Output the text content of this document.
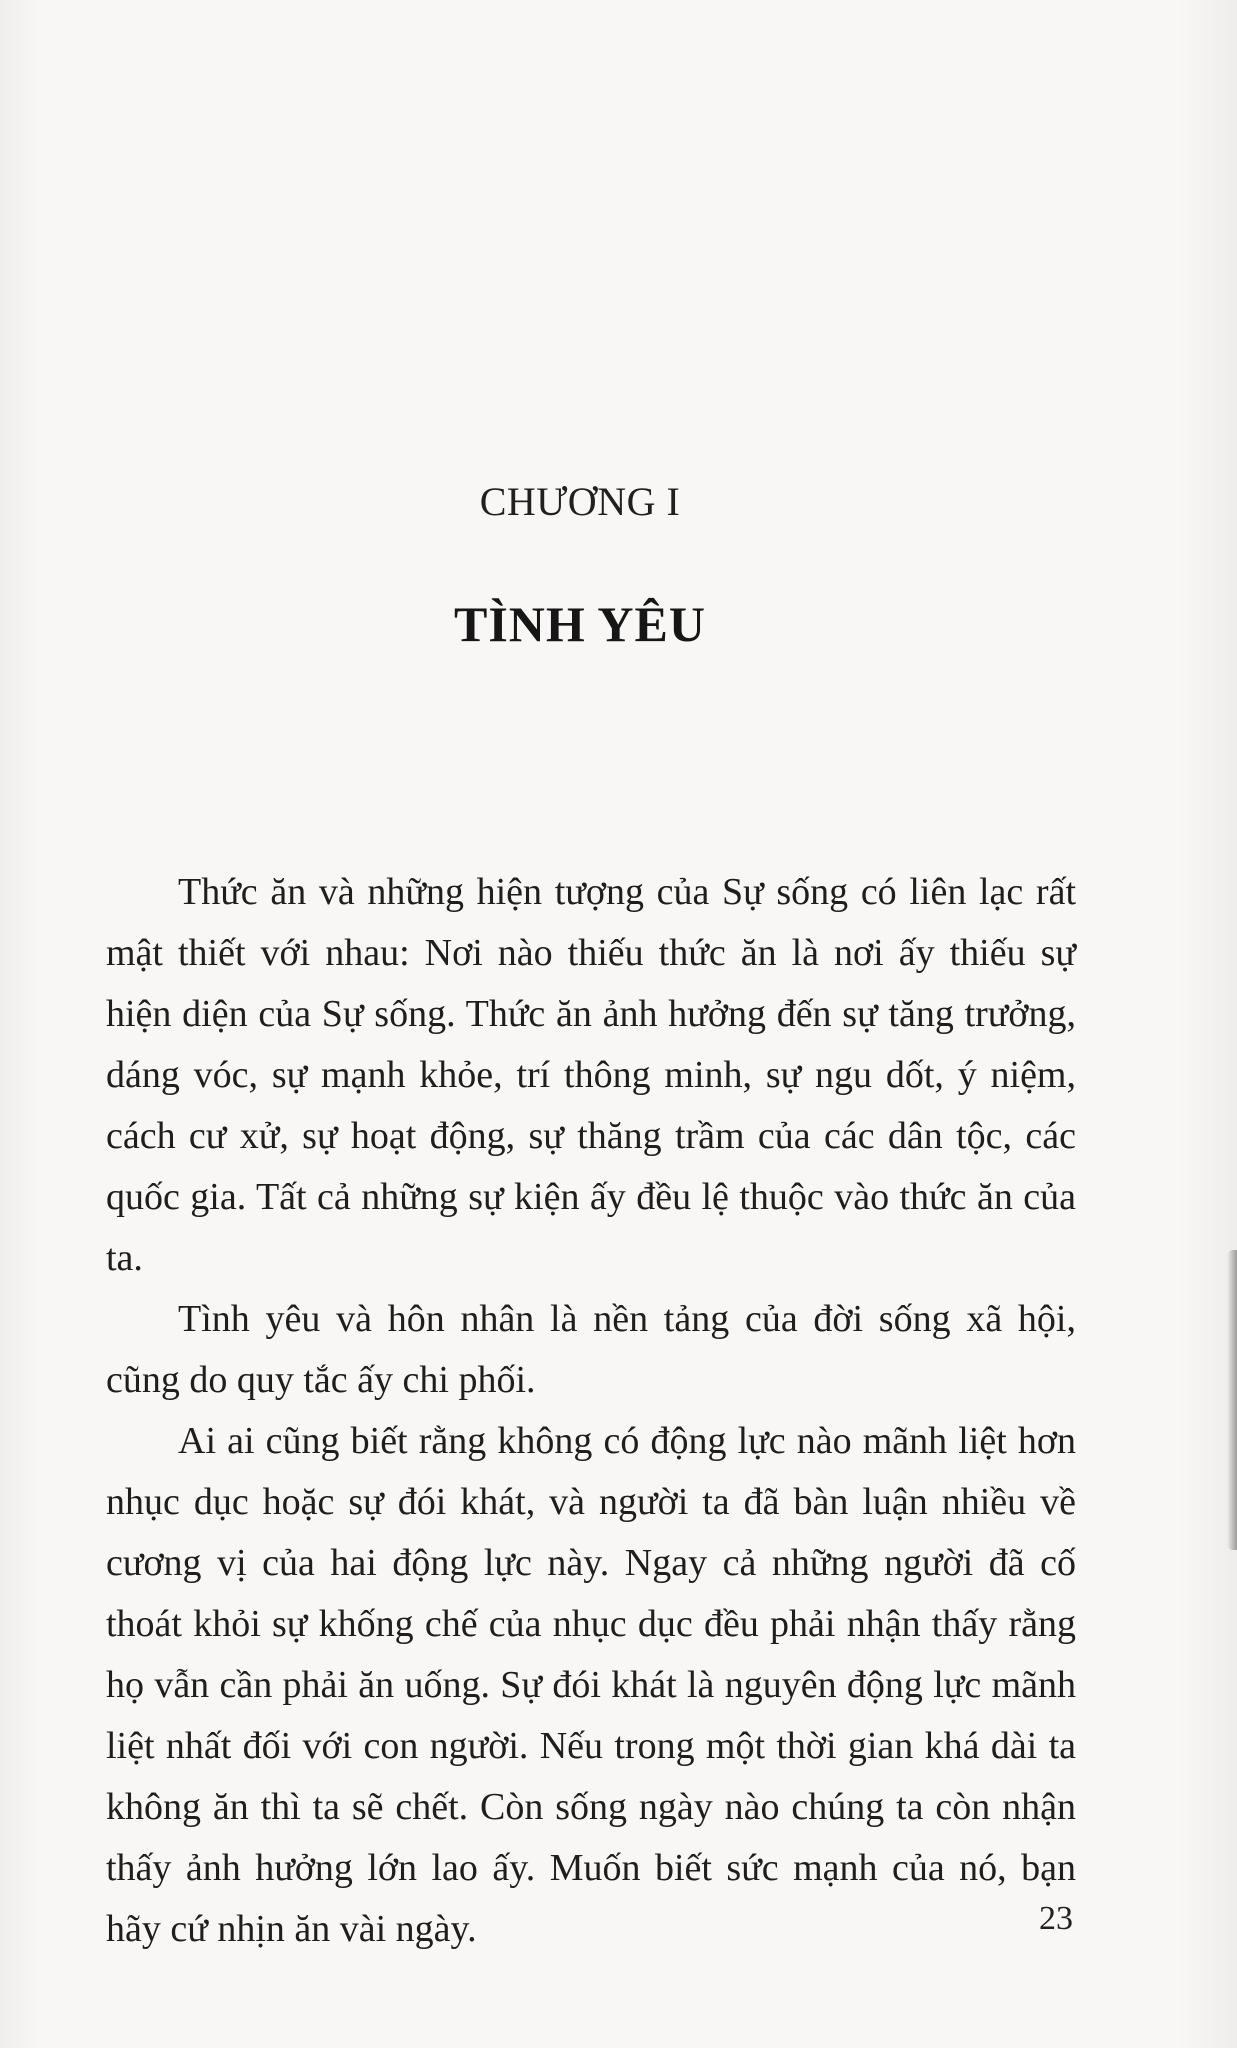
CHƯƠNG I
TÌNH YÊU

Thức ăn và những hiện tượng của Sự sống có liên lạc rất mật thiết với nhau: Nơi nào thiếu thức ăn là nơi ấy thiếu sự hiện diện của Sự sống. Thức ăn ảnh hưởng đến sự tăng trưởng, dáng vóc, sự mạnh khỏe, trí thông minh, sự ngu dốt, ý niệm, cách cư xử, sự hoạt động, sự thăng trầm của các dân tộc, các quốc gia. Tất cả những sự kiện ấy đều lệ thuộc vào thức ăn của ta.

Tình yêu và hôn nhân là nền tảng của đời sống xã hội, cũng do quy tắc ấy chi phối.

Ai ai cũng biết rằng không có động lực nào mãnh liệt hơn nhục dục hoặc sự đói khát, và người ta đã bàn luận nhiều về cương vị của hai động lực này. Ngay cả những người đã cố thoát khỏi sự khống chế của nhục dục đều phải nhận thấy rằng họ vẫn cần phải ăn uống. Sự đói khát là nguyên động lực mãnh liệt nhất đối với con người. Nếu trong một thời gian khá dài ta không ăn thì ta sẽ chết. Còn sống ngày nào chúng ta còn nhận thấy ảnh hưởng lớn lao ấy. Muốn biết sức mạnh của nó, bạn hãy cứ nhịn ăn vài ngày.	23
